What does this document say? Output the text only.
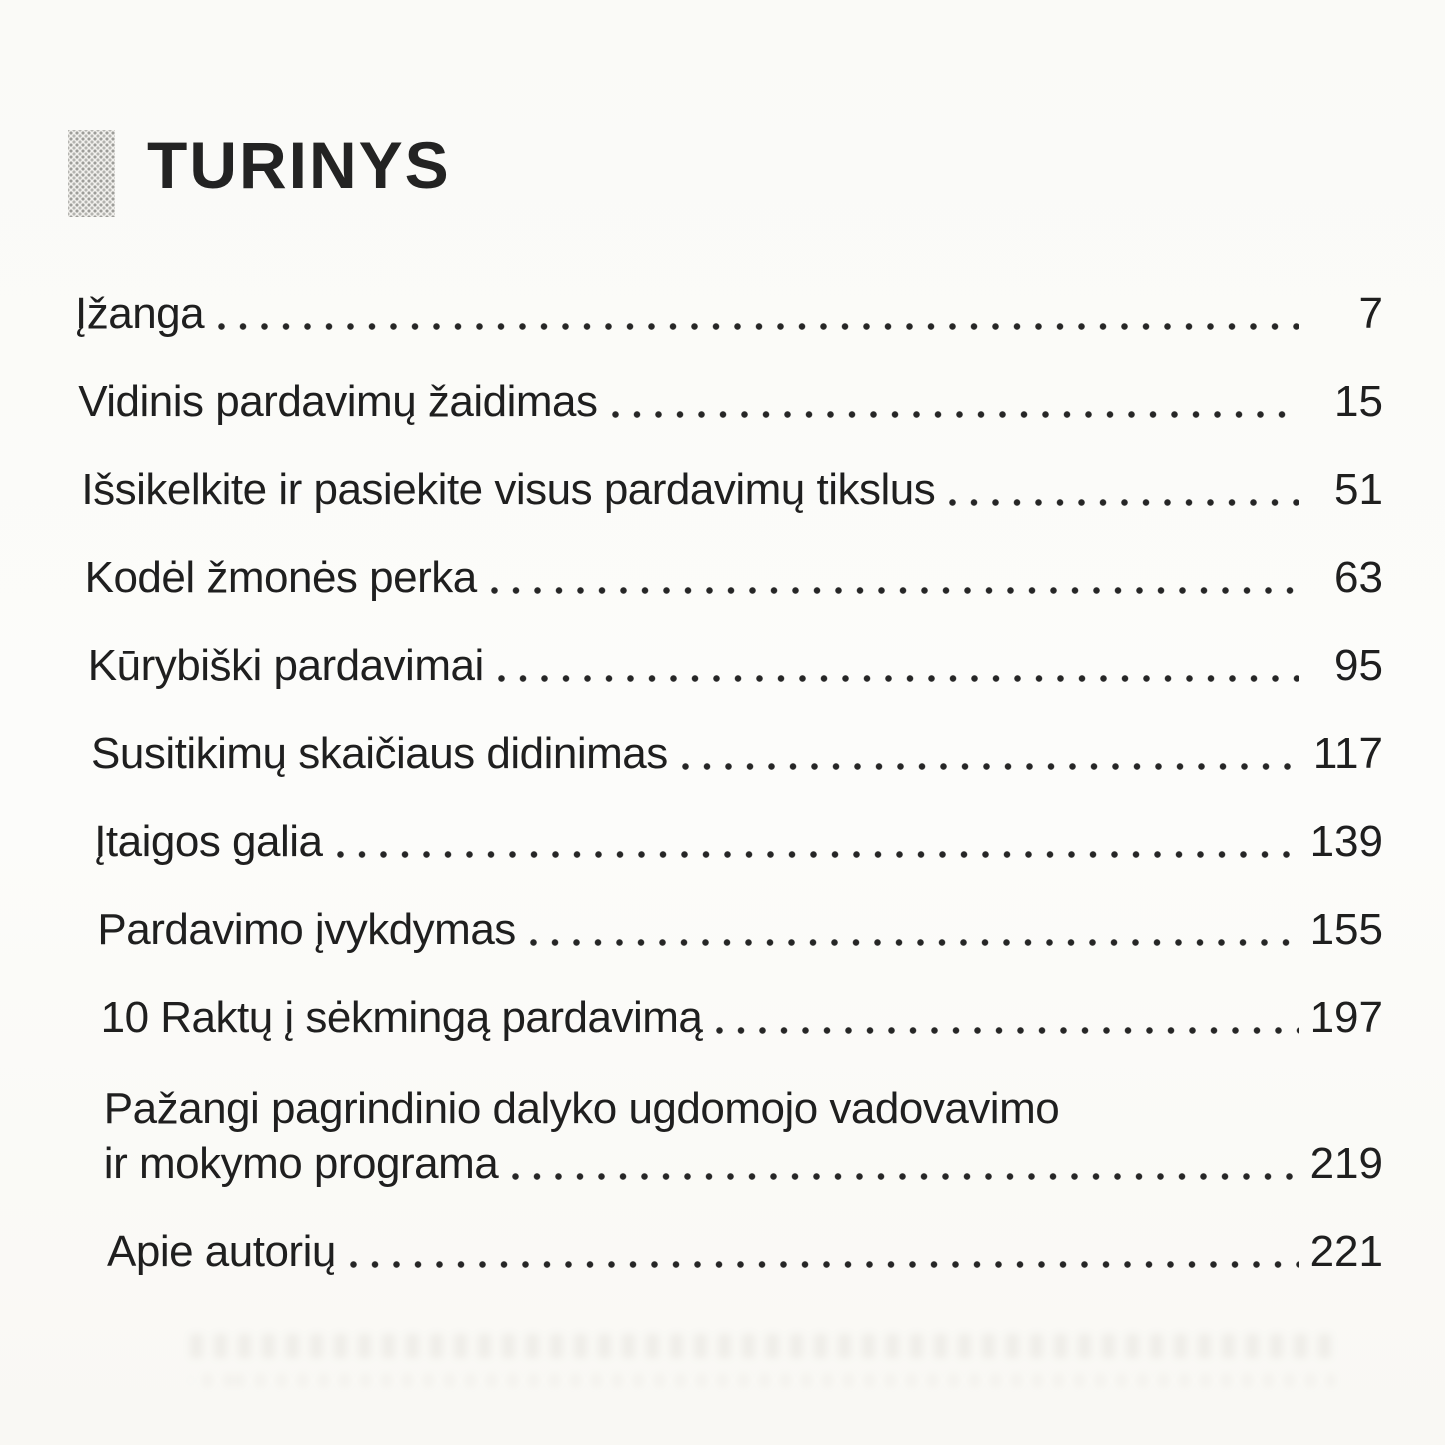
TURINYS
Įžanga	7
Vidinis pardavimų žaidimas	15
Išsikelkite ir pasiekite visus pardavimų tikslus	51
Kodėl žmonės perka	63
Kūrybiški pardavimai	95
Susitikimų skaičiaus didinimas	117
Įtaigos galia	139
Pardavimo įvykdymas	155
10 Raktų į sėkmingą pardavimą	197
Pažangi pagrindinio dalyko ugdomojo vadovavimo
ir mokymo programa	219
Apie autorių	221
